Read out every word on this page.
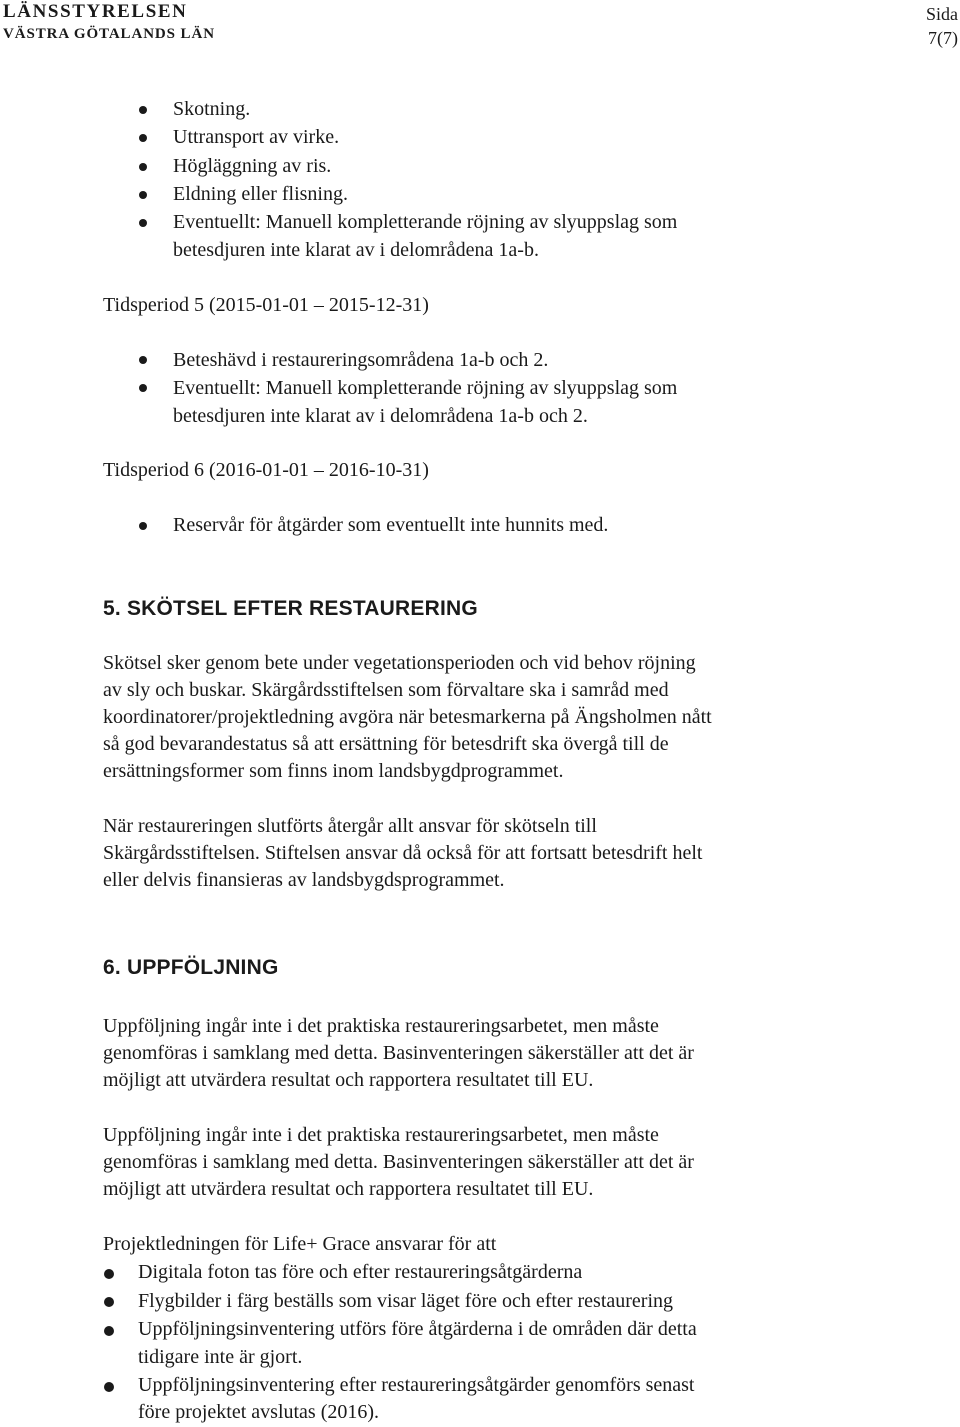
LÄNSSTYRELSEN
VÄSTRA GÖTALANDS LÄN
Sida
7(7)
Skotning.
Uttransport av virke.
Högläggning av ris.
Eldning eller flisning.
Eventuellt: Manuell kompletterande röjning av slyuppslag som
betesdjuren inte klarat av i delområdena 1a-b.
Tidsperiod 5 (2015-01-01 – 2015-12-31)
Beteshävd i restaureringsområdena 1a-b och 2.
Eventuellt: Manuell kompletterande röjning av slyuppslag som
betesdjuren inte klarat av i delområdena 1a-b och 2.
Tidsperiod 6 (2016-01-01 – 2016-10-31)
Reservår för åtgärder som eventuellt inte hunnits med.
5. SKÖTSEL EFTER RESTAURERING
Skötsel sker genom bete under vegetationsperioden och vid behov röjning
av sly och buskar. Skärgårdsstiftelsen som förvaltare ska i samråd med
koordinatorer/projektledning avgöra när betesmarkerna på Ängsholmen nått
så god bevarandestatus så att ersättning för betesdrift ska övergå till de
ersättningsformer som finns inom landsbygdprogrammet.
När restaureringen slutförts återgår allt ansvar för skötseln till
Skärgårdsstiftelsen. Stiftelsen ansvar då också för att fortsatt betesdrift helt
eller delvis finansieras av landsbygdsprogrammet.
6. UPPFÖLJNING
Uppföljning ingår inte i det praktiska restaureringsarbetet, men måste
genomföras i samklang med detta. Basinventeringen säkerställer att det är
möjligt att utvärdera resultat och rapportera resultatet till EU.
Uppföljning ingår inte i det praktiska restaureringsarbetet, men måste
genomföras i samklang med detta. Basinventeringen säkerställer att det är
möjligt att utvärdera resultat och rapportera resultatet till EU.
Projektledningen för Life+ Grace ansvarar för att
Digitala foton tas före och efter restaureringsåtgärderna
Flygbilder i färg beställs som visar läget före och efter restaurering
Uppföljningsinventering utförs före åtgärderna i de områden där detta
tidigare inte är gjort.
Uppföljningsinventering efter restaureringsåtgärder genomförs senast
före projektet avslutas (2016).
